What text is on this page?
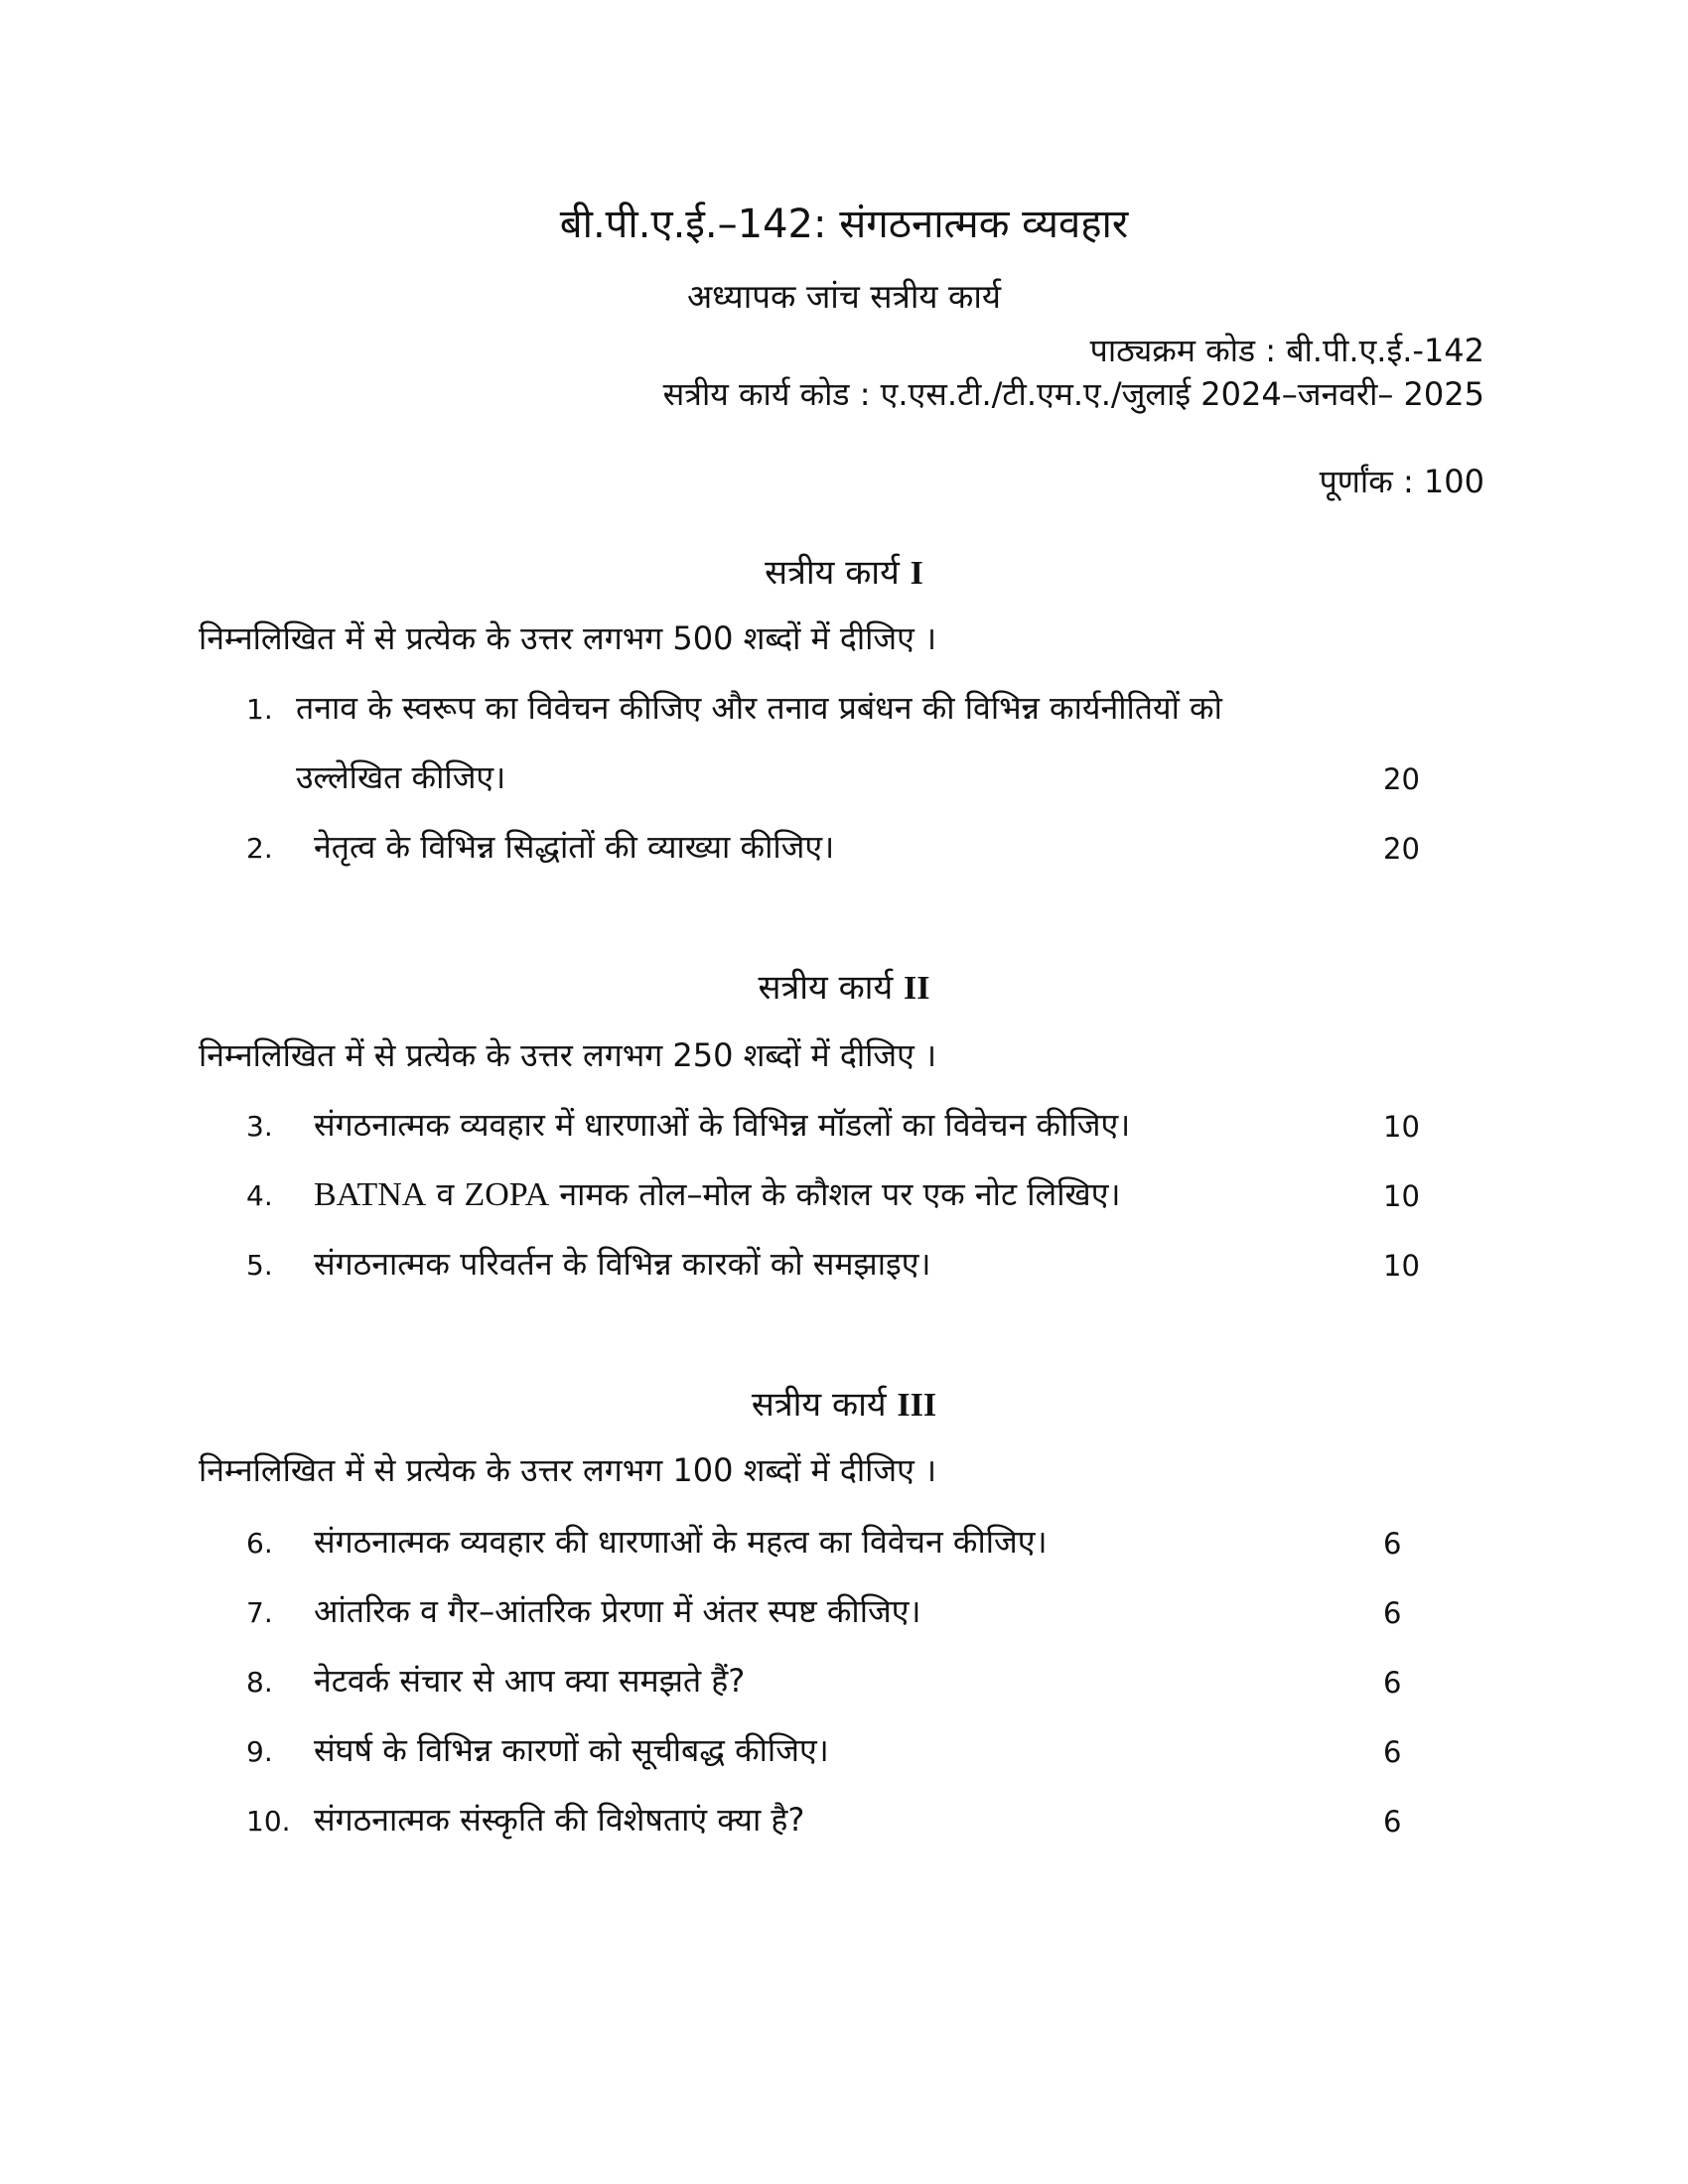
बी.पी.ए.ई.–142: संगठनात्मक व्यवहार
अध्यापक जांच सत्रीय कार्य
पाठ्यक्रम कोड : बी.पी.ए.ई.-142
सत्रीय कार्य कोड : ए.एस.टी./टी.एम.ए./जुलाई 2024–जनवरी– 2025
पूर्णांक : 100
सत्रीय कार्य I
निम्नलिखित में से प्रत्येक के उत्तर लगभग 500 शब्दों में दीजिए ।
1. तनाव के स्वरूप का विवेचन कीजिए और तनाव प्रबंधन की विभिन्न कार्यनीतियों को
उल्लेखित कीजिए।	20
2. नेतृत्व के विभिन्न सिद्धांतों की व्याख्या कीजिए।	20
सत्रीय कार्य II
निम्नलिखित में से प्रत्येक के उत्तर लगभग 250 शब्दों में दीजिए ।
3. संगठनात्मक व्यवहार में धारणाओं के विभिन्न मॉडलों का विवेचन कीजिए।	10
4. BATNA व ZOPA नामक तोल–मोल के कौशल पर एक नोट लिखिए।	10
5. संगठनात्मक परिवर्तन के विभिन्न कारकों को समझाइए।	10
सत्रीय कार्य III
निम्नलिखित में से प्रत्येक के उत्तर लगभग 100 शब्दों में दीजिए ।
6. संगठनात्मक व्यवहार की धारणाओं के महत्व का विवेचन कीजिए।	6
7. आंतरिक व गैर–आंतरिक प्रेरणा में अंतर स्पष्ट कीजिए।	6
8. नेटवर्क संचार से आप क्या समझते हैं?	6
9. संघर्ष के विभिन्न कारणों को सूचीबद्ध कीजिए।	6
10. संगठनात्मक संस्कृति की विशेषताएं क्या है?	6
